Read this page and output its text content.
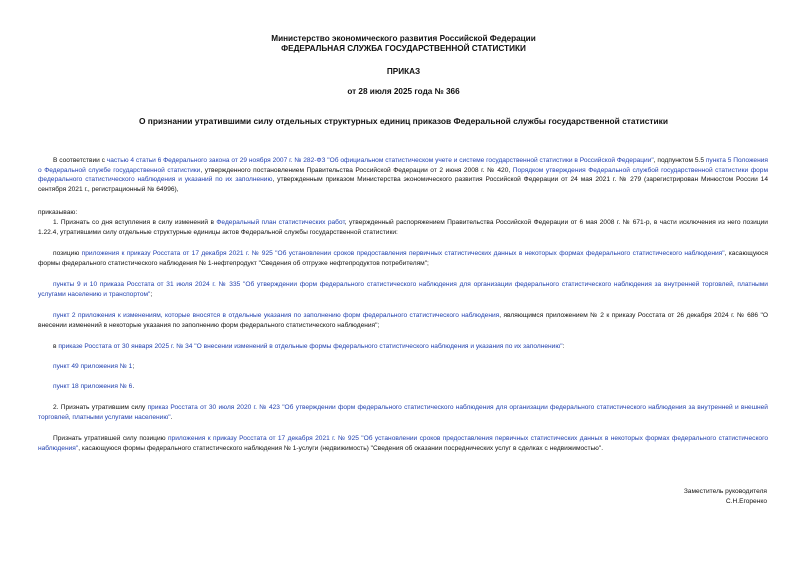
Министерство экономического развития Российской Федерации
ФЕДЕРАЛЬНАЯ СЛУЖБА ГОСУДАРСТВЕННОЙ СТАТИСТИКИ
ПРИКАЗ
от 28 июля 2025 года № 366
О признании утратившими силу отдельных структурных единиц приказов Федеральной службы государственной статистики
В соответствии с частью 4 статьи 6 Федерального закона от 29 ноября 2007 г. № 282-ФЗ "Об официальном статистическом учете и системе государственной статистики в Российской Федерации", подпунктом 5.5 пункта 5 Положения о Федеральной службе государственной статистики, утвержденного постановлением Правительства Российской Федерации от 2 июня 2008 г. № 420, Порядком утверждения Федеральной службой государственной статистики форм федерального статистического наблюдения и указаний по их заполнению, утвержденным приказом Министерства экономического развития Российской Федерации от 24 мая 2021 г. № 279 (зарегистрирован Минюстом России 14 сентября 2021 г., регистрационный № 64996),
приказываю:
1. Признать со дня вступления в силу изменений в Федеральный план статистических работ, утвержденный распоряжением Правительства Российской Федерации от 6 мая 2008 г. № 671-р, в части исключения из него позиции 1.22.4, утратившими силу отдельные структурные единицы актов Федеральной службы государственной статистики:
позицию приложения к приказу Росстата от 17 декабря 2021 г. № 925 "Об установлении сроков предоставления первичных статистических данных в некоторых формах федерального статистического наблюдения", касающуюся формы федерального статистического наблюдения № 1-нефтепродукт "Сведения об отгрузке нефтепродуктов потребителям";
пункты 9 и 10 приказа Росстата от 31 июля 2024 г. № 335 "Об утверждении форм федерального статистического наблюдения для организации федерального статистического наблюдения за внутренней торговлей, платными услугами населению и транспортом";
пункт 2 приложения к изменениям, которые вносятся в отдельные указания по заполнению форм федерального статистического наблюдения, являющимся приложением № 2 к приказу Росстата от 26 декабря 2024 г. № 686 "О внесении изменений в некоторые указания по заполнению форм федерального статистического наблюдения";
в приказе Росстата от 30 января 2025 г. № 34 "О внесении изменений в отдельные формы федерального статистического наблюдения и указания по их заполнению":
пункт 49 приложения № 1;
пункт 18 приложения № 6.
2. Признать утратившим силу приказ Росстата от 30 июля 2020 г. № 423 "Об утверждении форм федерального статистического наблюдения для организации федерального статистического наблюдения за внутренней и внешней торговлей, платными услугами населению".
Признать утратившей силу позицию приложения к приказу Росстата от 17 декабря 2021 г. № 925 "Об установлении сроков предоставления первичных статистических данных в некоторых формах федерального статистического наблюдения", касающуюся формы федерального статистического наблюдения № 1-услуги (недвижимость) "Сведения об оказании посреднических услуг в сделках с недвижимостью".
Заместитель руководителя
С.Н.Егоренко
